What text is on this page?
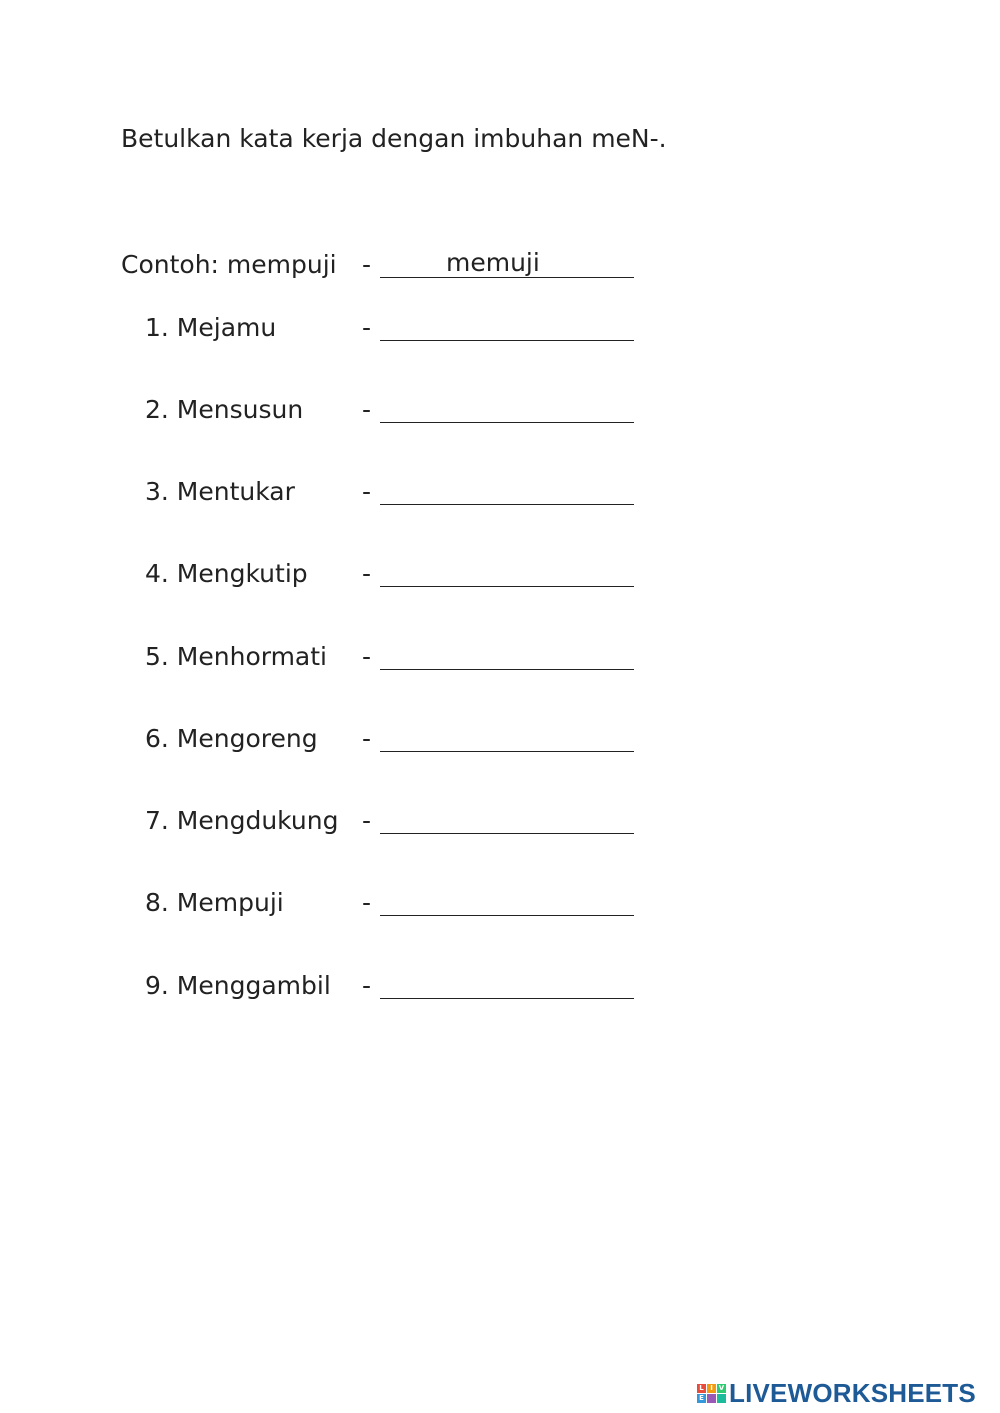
Betulkan kata kerja dengan imbuhan meN-.
Contoh: mempuji -	memuji
1. Mejamu	-
2. Mensusun -
3. Mentukar	-
4. Mengkutip -
5. Menhormati -
6. Mengoreng -
7. Mengdukung -
8. Mempuji	-
9. Menggambil -
L I V
E LIVEWORKSHEETS
